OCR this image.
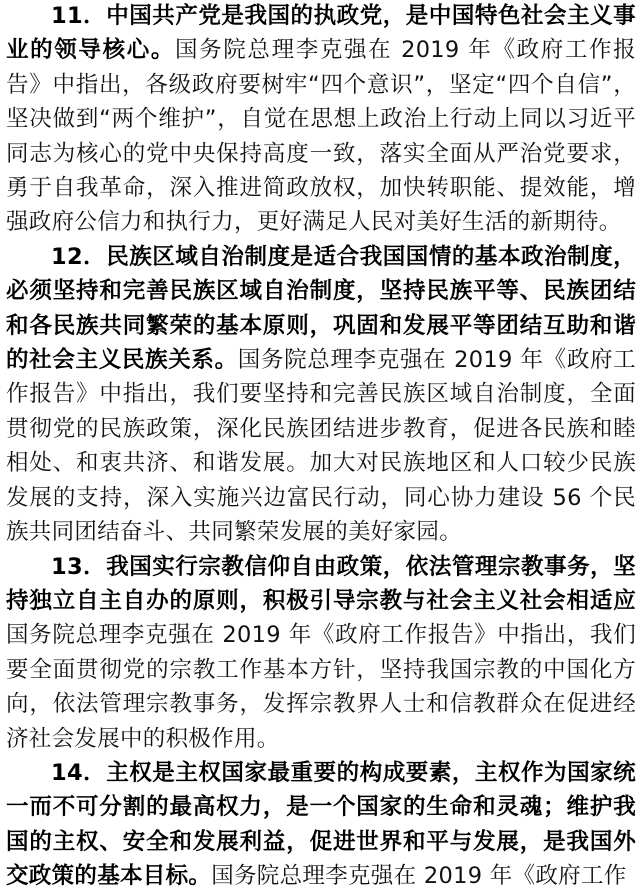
11．中国共产党是我国的执政党，是中国特色社会主义事业的领导核心。国务院总理李克强在 2019 年《政府工作报告》中指出，各级政府要树牢“四个意识”，坚定“四个自信”，坚决做到“两个维护”，自觉在思想上政治上行动上同以习近平同志为核心的党中央保持高度一致，落实全面从严治党要求，勇于自我革命，深入推进简政放权，加快转职能、提效能，增强政府公信力和执行力，更好满足人民对美好生活的新期待。

12．民族区域自治制度是适合我国国情的基本政治制度，必须坚持和完善民族区域自治制度，坚持民族平等、民族团结和各民族共同繁荣的基本原则，巩固和发展平等团结互助和谐的社会主义民族关系。国务院总理李克强在 2019 年《政府工作报告》中指出，我们要坚持和完善民族区域自治制度，全面贯彻党的民族政策，深化民族团结进步教育，促进各民族和睦相处、和衷共济、和谐发展。加大对民族地区和人口较少民族发展的支持，深入实施兴边富民行动，同心协力建设 56 个民族共同团结奋斗、共同繁荣发展的美好家园。

13．我国实行宗教信仰自由政策，依法管理宗教事务，坚持独立自主自办的原则，积极引导宗教与社会主义社会相适应国务院总理李克强在 2019 年《政府工作报告》中指出，我们要全面贯彻党的宗教工作基本方针，坚持我国宗教的中国化方向，依法管理宗教事务，发挥宗教界人士和信教群众在促进经济社会发展中的积极作用。

14．主权是主权国家最重要的构成要素，主权作为国家统一而不可分割的最高权力，是一个国家的生命和灵魂；维护我国的主权、安全和发展利益，促进世界和平与发展，是我国外交政策的基本目标。国务院总理李克强在 2019 年《政府工作
